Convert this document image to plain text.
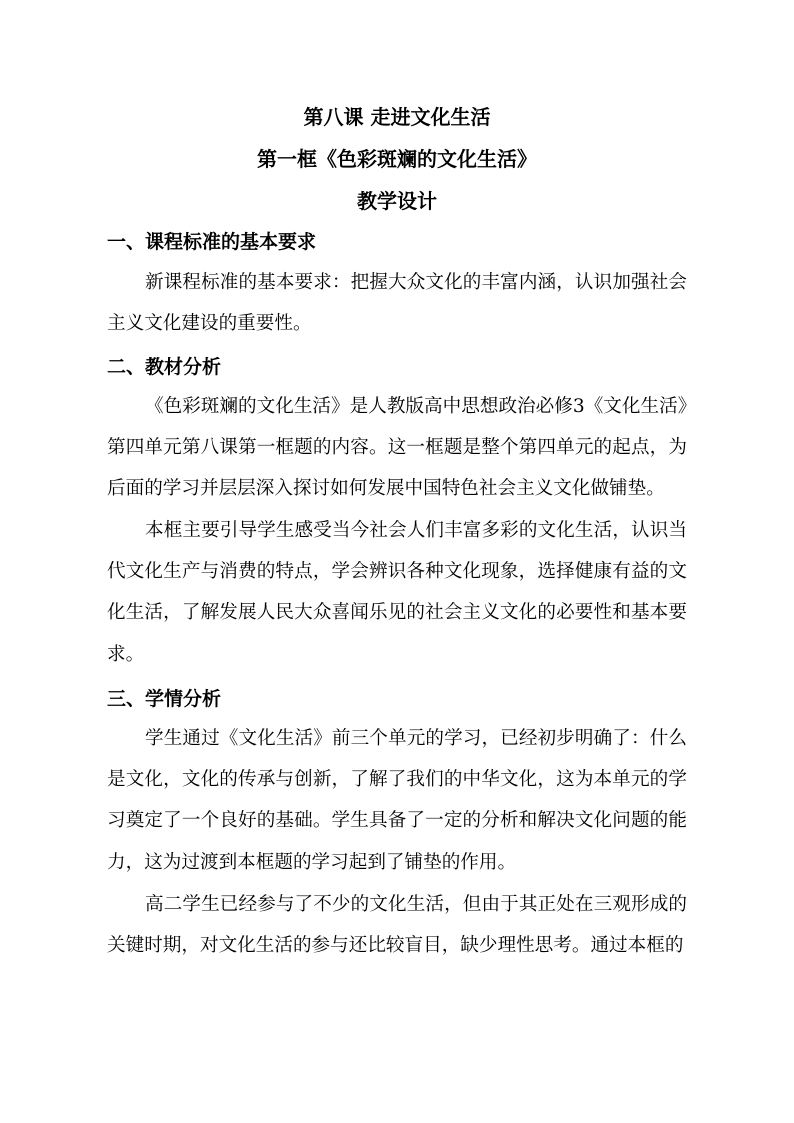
第八课 走进文化生活
第一框《色彩斑斓的文化生活》
教学设计
一、课程标准的基本要求

新课程标准的基本要求：把握大众文化的丰富内涵，认识加强社会主义文化建设的重要性。

二、教材分析

《色彩斑斓的文化生活》是人教版高中思想政治必修3《文化生活》第四单元第八课第一框题的内容。这一框题是整个第四单元的起点，为后面的学习并层层深入探讨如何发展中国特色社会主义文化做铺垫。

本框主要引导学生感受当今社会人们丰富多彩的文化生活，认识当代文化生产与消费的特点，学会辨识各种文化现象，选择健康有益的文化生活，了解发展人民大众喜闻乐见的社会主义文化的必要性和基本要求。

三、学情分析

学生通过《文化生活》前三个单元的学习，已经初步明确了：什么是文化，文化的传承与创新，了解了我们的中华文化，这为本单元的学习奠定了一个良好的基础。学生具备了一定的分析和解决文化问题的能力，这为过渡到本框题的学习起到了铺垫的作用。

高二学生已经参与了不少的文化生活，但由于其正处在三观形成的关键时期，对文化生活的参与还比较盲目，缺少理性思考。通过本框的
